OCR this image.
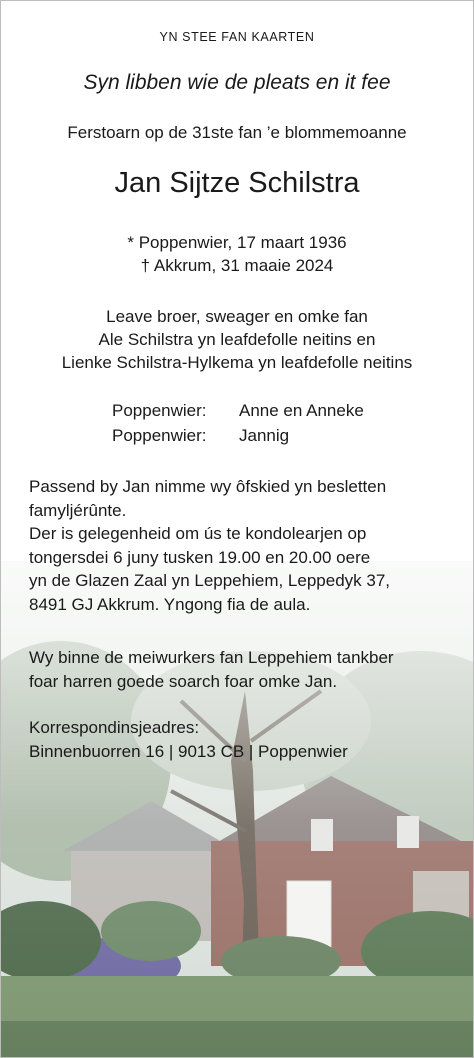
YN STEE FAN KAARTEN
Syn libben wie de pleats en it fee
Ferstoarn op de 31ste fan ’e blommemoanne
Jan Sijtze Schilstra
* Poppenwier, 17 maart 1936
† Akkrum, 31 maaie 2024
Leave broer, sweager en omke fan
Ale Schilstra yn leafdefolle neitins en
Lienke Schilstra-Hylkema yn leafdefolle neitins
Poppenwier: Anne en Anneke
Poppenwier: Jannig
Passend by Jan nimme wy ôfskied yn besletten
famyljérûnte.
Der is gelegenheid om ús te kondolearjen op
tongersdei 6 juny tusken 19.00 en 20.00 oere
yn de Glazen Zaal yn Leppehiem, Leppedyk 37,
8491 GJ Akkrum. Yngong fia de aula.
Wy binne de meiwurkers fan Leppehiem tankber
foar harren goede soarch foar omke Jan.
Korrespondinsjeadres:
Binnenbuorren 16 | 9013 CB | Poppenwier
